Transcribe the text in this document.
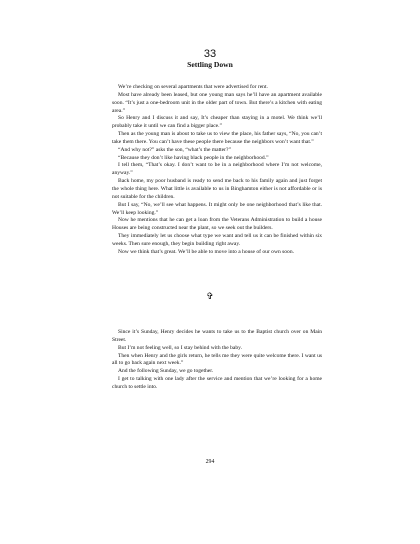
33
Settling Down

We’re checking on several apartments that were advertised for rent.

Most have already been leased, but one young man says he’ll have an apartment available soon. “It’s just a one-bedroom unit in the older part of town. But there’s a kitchen with eating area.”

So Henry and I discuss it and say, It’s cheaper than staying in a motel. We think we’ll probably take it until we can find a bigger place.”

Then as the young man is about to take us to view the place, his father says, “No, you can’t take them there. You can’t have these people there because the neighbors won’t want that.”

“And why not?” asks the son, “what’s the matter?”

“Because they don’t like having black people in the neighborhood.”

I tell them, “That’s okay. I don’t want to be in a neighborhood where I’m not welcome, anyway.”

Back home, my poor husband is ready to send me back to his family again and just forget the whole thing here. What little is available to us in Binghamton either is not affordable or is not suitable for the children.

But I say, “No, we’ll see what happens. It might only be one neighborhood that’s like that. We’ll keep looking.”

Now he mentions that he can get a loan from the Veterans Administration to build a house Houses are being constructed near the plant, so we seek out the builders.

They immediately let us choose what type we want and tell us it can be finished within six weeks. Then sure enough, they begin building right away.

Now we think that’s great. We’ll be able to move into a house of our own soon.

✞

Since it’s Sunday, Henry decides he wants to take us to the Baptist church over on Main Street.

But I’m not feeling well, so I stay behind with the baby.

Then when Henry and the girls return, he tells me they were quite welcome there. I want us all to go back again next week.”

And the following Sunday, we go together.

I get to talking with one lady after the service and mention that we’re looking for a home church to settle into.

294
